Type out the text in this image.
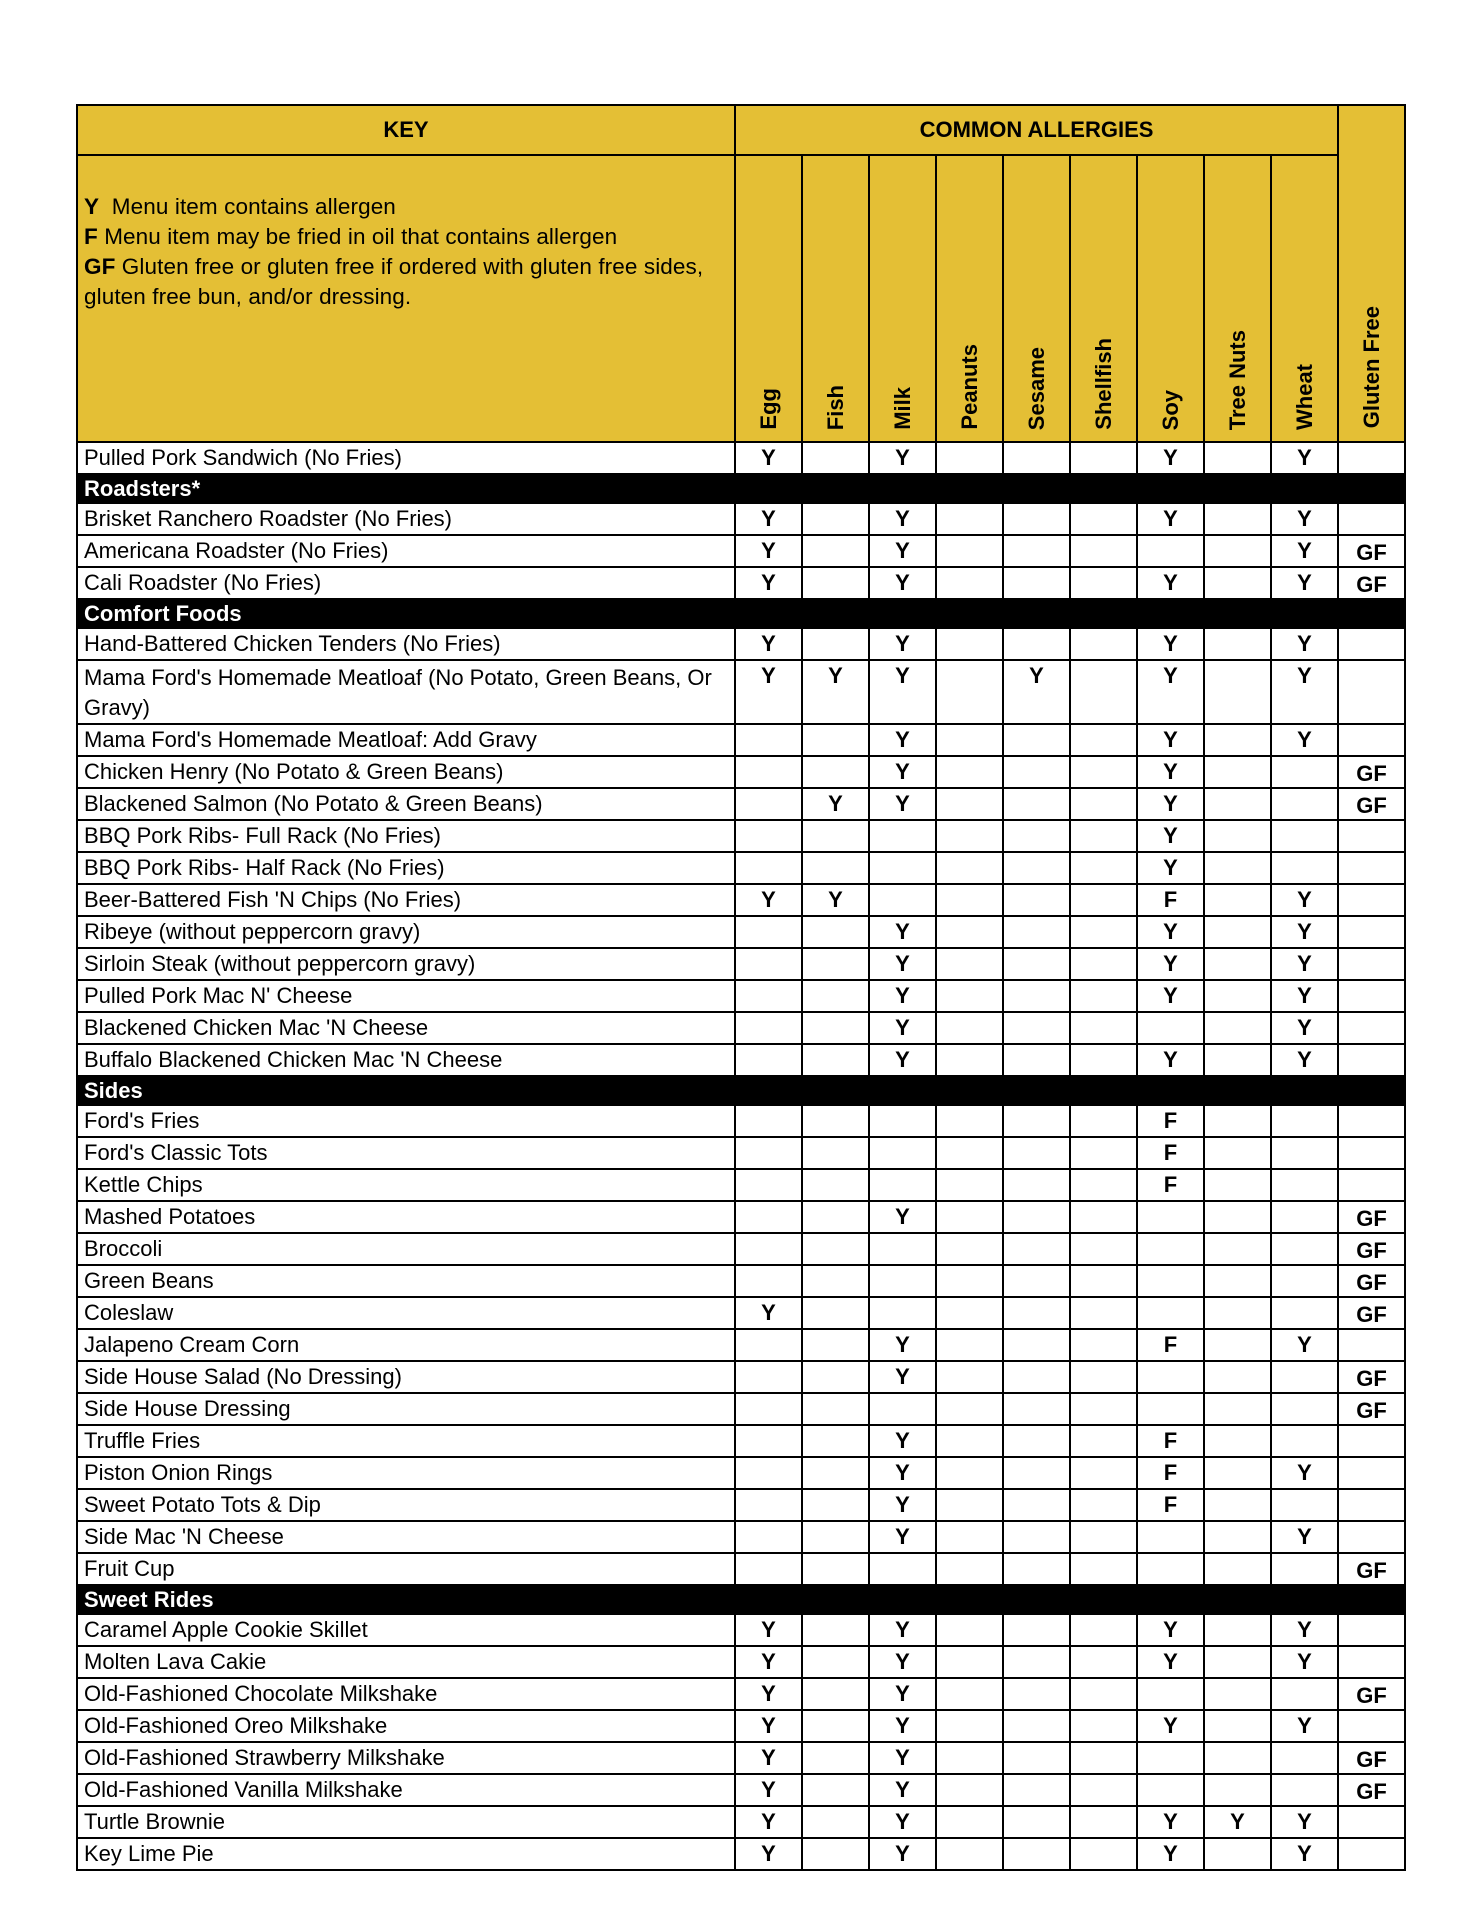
KEY	COMMON ALLERGIES									Gluten Free

Y  Menu item contains allergen
F Menu item may be fried in oil that contains allergen
GF Gluten free or gluten free if ordered with gluten free sides, gluten free bun, and/or dressing.	Egg	Fish	Milk	Peanuts	Sesame	Shellfish	Soy	Tree Nuts	Wheat	
Pulled Pork Sandwich (No Fries)	Y		Y				Y		Y	
Roadsters*										
Brisket Ranchero Roadster (No Fries)	Y		Y				Y		Y	
Americana Roadster (No Fries)	Y		Y						Y	GF
Cali Roadster (No Fries)	Y		Y				Y		Y	GF
Comfort Foods										
Hand-Battered Chicken Tenders (No Fries)	Y		Y				Y		Y	
Mama Ford's Homemade Meatloaf (No Potato, Green Beans, Or Gravy)	Y	Y	Y		Y		Y		Y	
Mama Ford's Homemade Meatloaf: Add Gravy			Y				Y		Y	
Chicken Henry (No Potato & Green Beans)			Y				Y			GF
Blackened Salmon (No Potato & Green Beans)		Y	Y				Y			GF
BBQ Pork Ribs- Full Rack (No Fries)							Y			
BBQ Pork Ribs- Half Rack (No Fries)							Y			
Beer-Battered Fish 'N Chips (No Fries)	Y	Y					F		Y	
Ribeye (without peppercorn gravy)			Y				Y		Y	
Sirloin Steak (without peppercorn gravy)			Y				Y		Y	
Pulled Pork Mac N' Cheese			Y				Y		Y	
Blackened Chicken Mac 'N Cheese			Y						Y	
Buffalo Blackened Chicken Mac 'N Cheese			Y				Y		Y	
Sides										
Ford's Fries							F			
Ford's Classic Tots							F			
Kettle Chips							F			
Mashed Potatoes			Y							GF
Broccoli										GF
Green Beans										GF
Coleslaw	Y									GF
Jalapeno Cream Corn			Y				F		Y	
Side House Salad (No Dressing)			Y							GF
Side House Dressing										GF
Truffle Fries			Y				F			
Piston Onion Rings			Y				F		Y	
Sweet Potato Tots & Dip			Y				F			
Side Mac 'N Cheese			Y						Y	
Fruit Cup										GF
Sweet Rides										
Caramel Apple Cookie Skillet	Y		Y				Y		Y	
Molten Lava Cakie	Y		Y				Y		Y	
Old-Fashioned Chocolate Milkshake	Y		Y							GF
Old-Fashioned Oreo Milkshake	Y		Y				Y		Y	
Old-Fashioned Strawberry Milkshake	Y		Y							GF
Old-Fashioned Vanilla Milkshake	Y		Y							GF
Turtle Brownie	Y		Y				Y	Y	Y	
Key Lime Pie	Y		Y				Y		Y	
